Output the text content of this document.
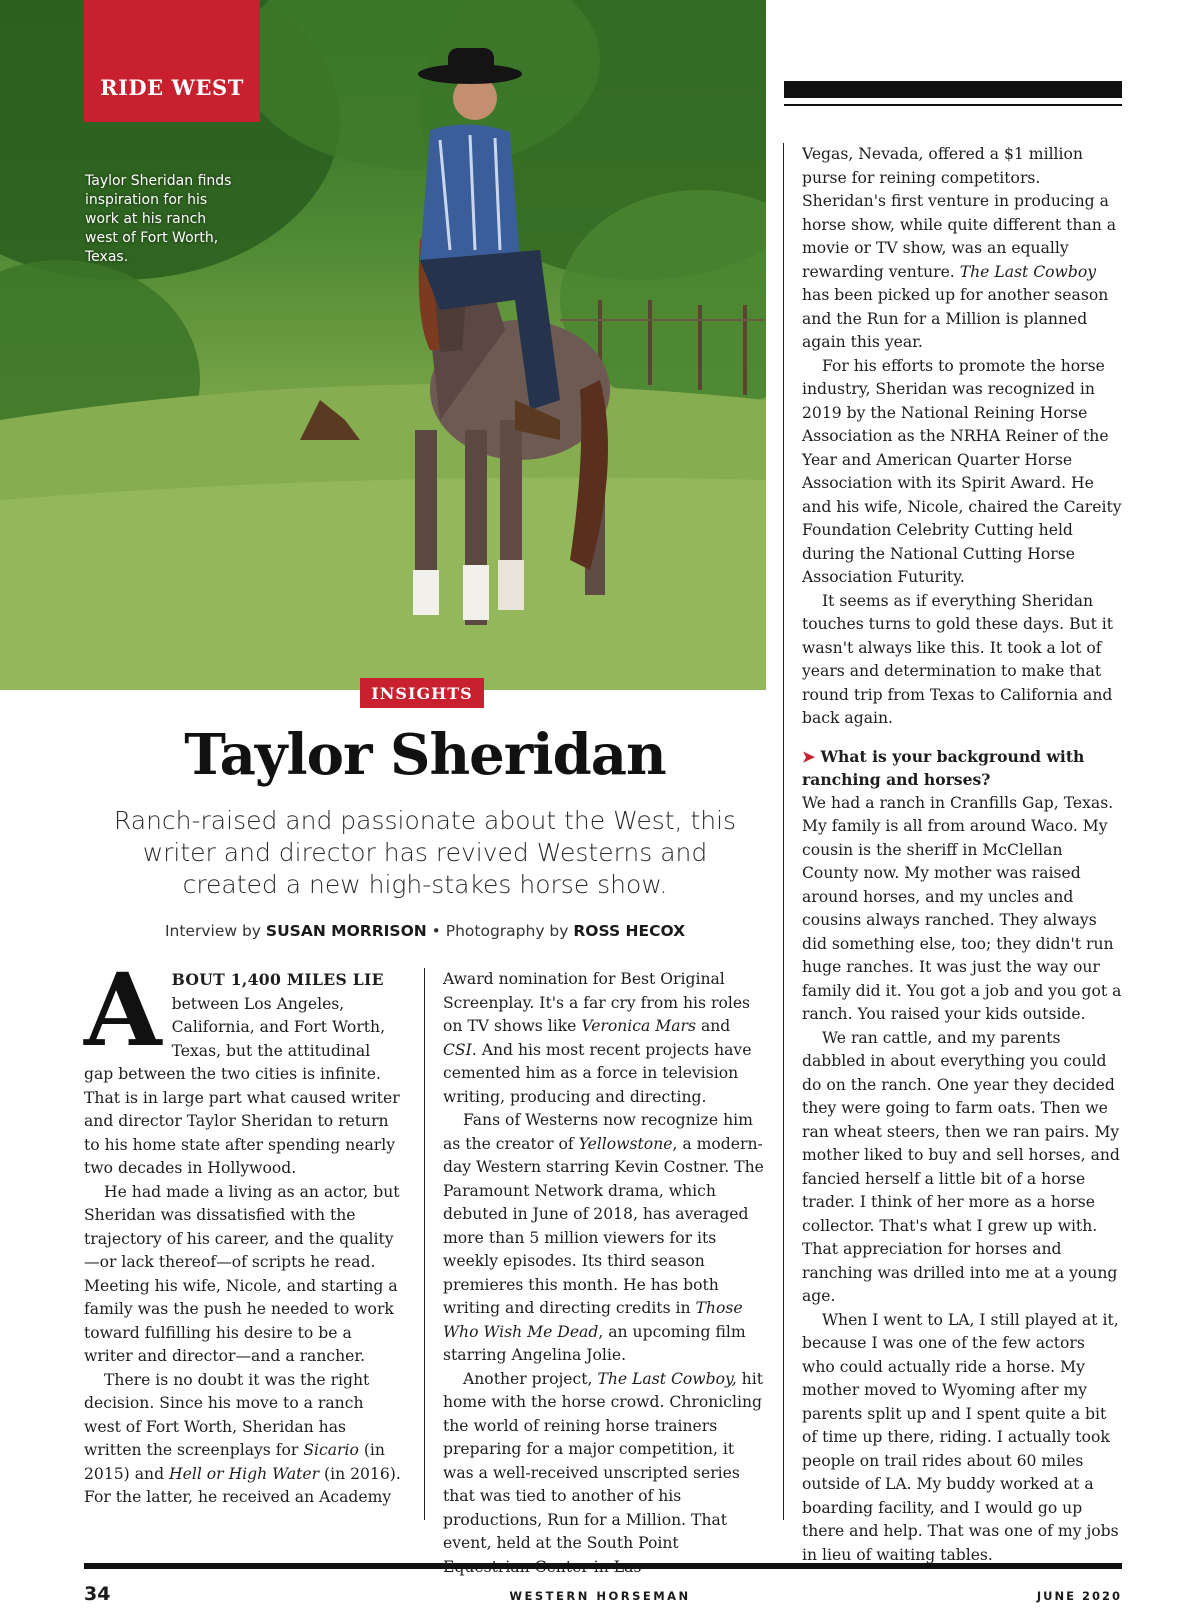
RIDE WEST
Taylor Sheridan finds inspiration for his work at his ranch west of Fort Worth, Texas.
INSIGHTS
Taylor Sheridan
Ranch-raised and passionate about the West, this writer and director has revived Westerns and created a new high-stakes horse show.
Interview by SUSAN MORRISON • Photography by ROSS HECOX

ABOUT 1,400 MILES LIE between Los Angeles, California, and Fort Worth, Texas, but the attitudinal gap between the two cities is infinite. That is in large part what caused writer and director Taylor Sheridan to return to his home state after spending nearly two decades in Hollywood.

He had made a living as an actor, but Sheridan was dissatisfied with the trajectory of his career, and the quality—or lack thereof—of scripts he read. Meeting his wife, Nicole, and starting a family was the push he needed to work toward fulfilling his desire to be a writer and director—and a rancher.

There is no doubt it was the right decision. Since his move to a ranch west of Fort Worth, Sheridan has written the screenplays for Sicario (in 2015) and Hell or High Water (in 2016). For the latter, he received an Academy

Award nomination for Best Original Screenplay. It's a far cry from his roles on TV shows like Veronica Mars and CSI. And his most recent projects have cemented him as a force in television writing, producing and directing.

Fans of Westerns now recognize him as the creator of Yellowstone, a modern-day Western starring Kevin Costner. The Paramount Network drama, which debuted in June of 2018, has averaged more than 5 million viewers for its weekly episodes. Its third season premieres this month. He has both writing and directing credits in Those Who Wish Me Dead, an upcoming film starring Angelina Jolie.

Another project, The Last Cowboy, hit home with the horse crowd. Chronicling the world of reining horse trainers preparing for a major competition, it was a well-received unscripted series that was tied to another of his productions, Run for a Million. That event, held at the South Point

Vegas, Nevada, offered a $1 million purse for reining competitors. Sheridan's first venture in producing a horse show, while quite different than a movie or TV show, was an equally rewarding venture. The Last Cowboy has been picked up for another season and the Run for a Million is planned again this year.

For his efforts to promote the horse industry, Sheridan was recognized in 2019 by the National Reining Horse Association as the NRHA Reiner of the Year and American Quarter Horse Association with its Spirit Award. He and his wife, Nicole, chaired the Careity Foundation Celebrity Cutting held during the National Cutting Horse Association Futurity.

It seems as if everything Sheridan touches turns to gold these days. But it wasn't always like this. It took a lot of years and determination to make that round trip from Texas to California and back again.

➤ What is your background with ranching and horses?

We had a ranch in Cranfills Gap, Texas. My family is all from around Waco. My cousin is the sheriff in McClellan County now. My mother was raised around horses, and my uncles and cousins always ranched. They always did something else, too; they didn't run huge ranches. It was just the way our family did it. You got a job and you got a ranch. You raised your kids outside.

We ran cattle, and my parents dabbled in about everything you could do on the ranch. One year they decided they were going to farm oats. Then we ran wheat steers, then we ran pairs. My mother liked to buy and sell horses, and fancied herself a little bit of a horse trader. I think of her more as a horse collector. That's what I grew up with. That appreciation for horses and ranching was drilled into me at a young age.

When I went to LA, I still played at it, because I was one of the few actors who could actually ride a horse. My mother moved to Wyoming after my parents split up and I spent quite a bit of time up there, riding. I actually took people on trail rides about 60 miles outside of LA. My buddy worked at a boarding facility, and I would go up there and help. That was one of my jobs in lieu of waiting tables.

34	WESTERN HORSEMAN	JUNE 2020
